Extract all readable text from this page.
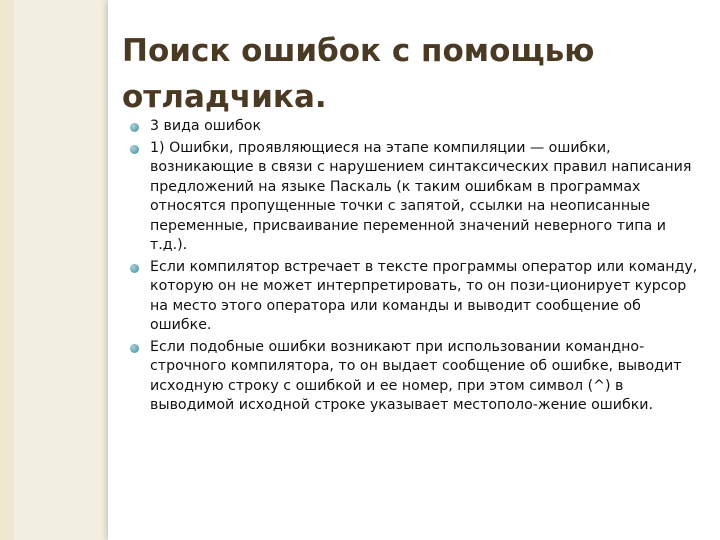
Поиск ошибок с помощью отладчика.
3 вида ошибок
1) Ошибки, проявляющиеся на этапе компиляции — ошибки, возникающие в связи с нарушением синтаксических правил написания предложений на языке Паскаль (к таким ошибкам в программах относятся пропущенные точки с запятой, ссылки на неописанные переменные, присваивание переменной значений неверного типа и т.д.).
Если компилятор встречает в тексте программы оператор или команду, которую он не может интерпретировать, то он пози-ционирует курсор на место этого оператора или команды и выводит сообщение об ошибке.
Если подобные ошибки возникают при использовании командно-строчного компилятора, то он выдает сообщение об ошибке, выводит исходную строку с ошибкой и ее номер, при этом символ (^) в выводимой исходной строке указывает местополо-жение ошибки.
